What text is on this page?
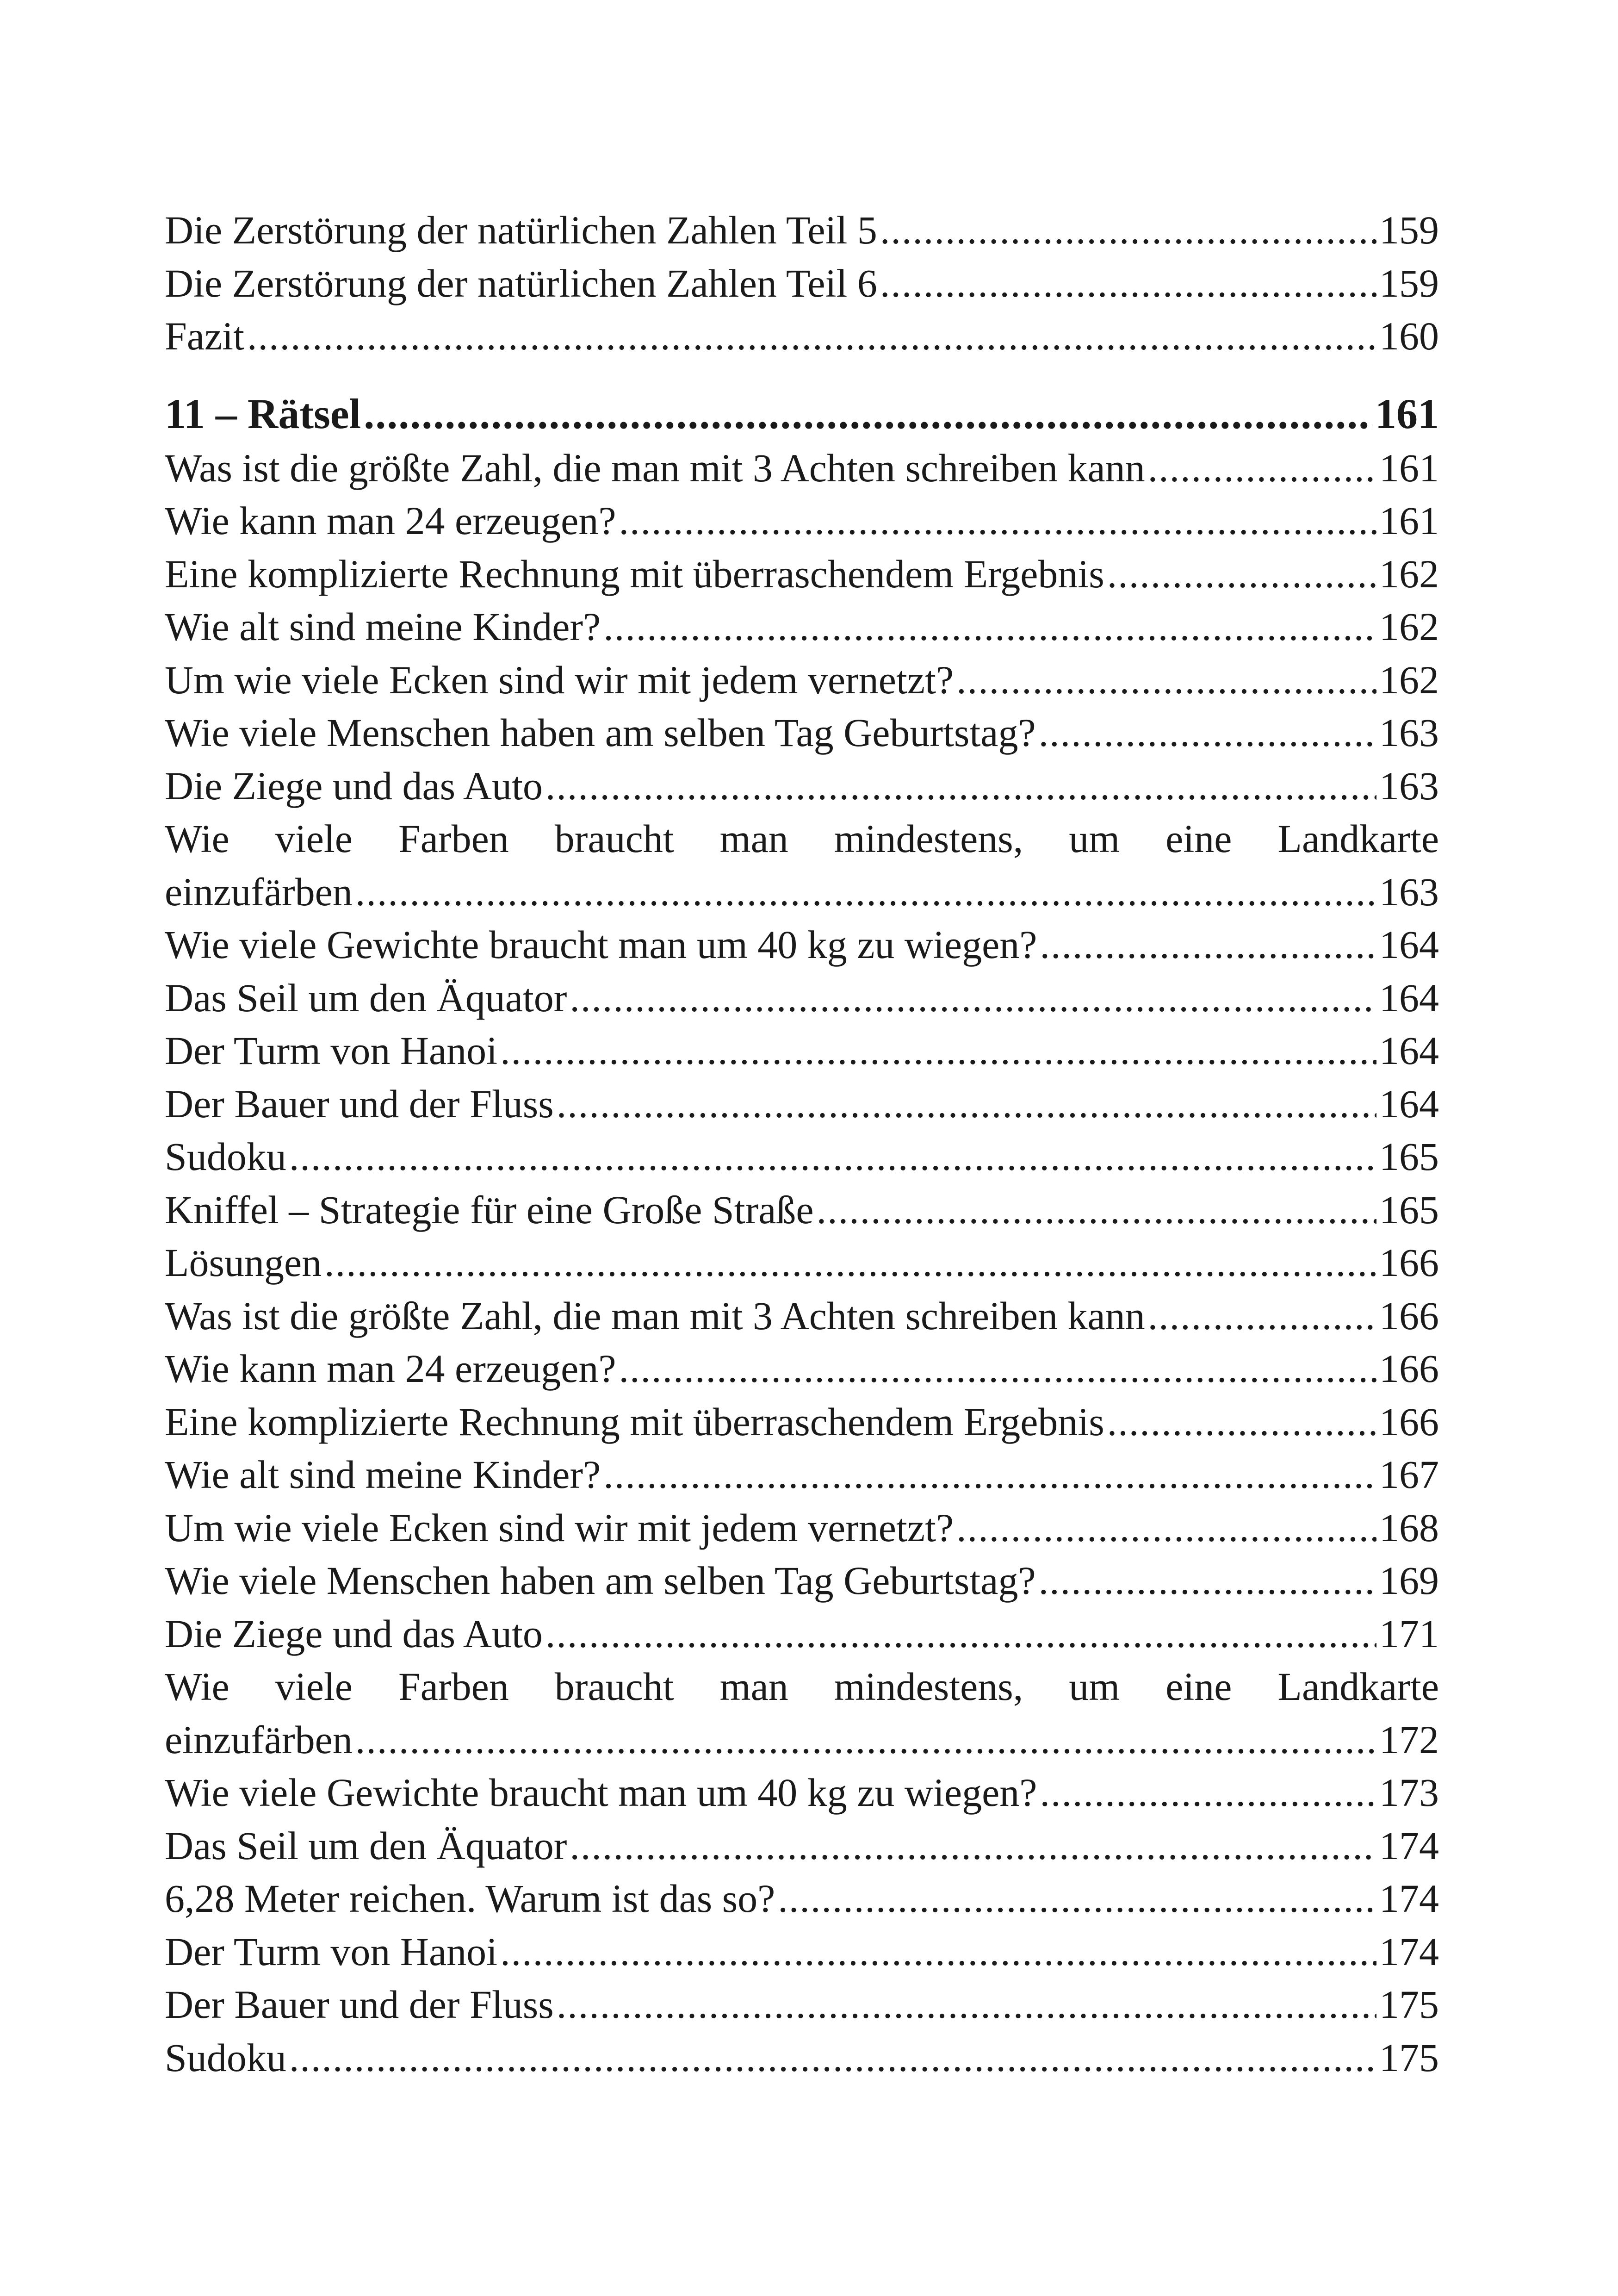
Die Zerstörung der natürlichen Zahlen Teil 5 .....	159
Die Zerstörung der natürlichen Zahlen Teil 6 .....	159
Fazit .....	160
11 – Rätsel .....	161
Was ist die größte Zahl, die man mit 3 Achten schreiben kann .....	161
Wie kann man 24 erzeugen? .....	161
Eine komplizierte Rechnung mit überraschendem Ergebnis .....	162
Wie alt sind meine Kinder? .....	162
Um wie viele Ecken sind wir mit jedem vernetzt? .....	162
Wie viele Menschen haben am selben Tag Geburtstag? .....	163
Die Ziege und das Auto .....	163
Wie viele Farben braucht man mindestens, um eine Landkarte
einzufärben .....	163
Wie viele Gewichte braucht man um 40 kg zu wiegen? .....	164
Das Seil um den Äquator .....	164
Der Turm von Hanoi .....	164
Der Bauer und der Fluss .....	164
Sudoku .....	165
Kniffel – Strategie für eine Große Straße .....	165
Lösungen .....	166
Was ist die größte Zahl, die man mit 3 Achten schreiben kann .....	166
Wie kann man 24 erzeugen? .....	166
Eine komplizierte Rechnung mit überraschendem Ergebnis .....	166
Wie alt sind meine Kinder? .....	167
Um wie viele Ecken sind wir mit jedem vernetzt? .....	168
Wie viele Menschen haben am selben Tag Geburtstag? .....	169
Die Ziege und das Auto .....	171
Wie viele Farben braucht man mindestens, um eine Landkarte
einzufärben .....	172
Wie viele Gewichte braucht man um 40 kg zu wiegen? .....	173
Das Seil um den Äquator .....	174
6,28 Meter reichen. Warum ist das so? .....	174
Der Turm von Hanoi .....	174
Der Bauer und der Fluss .....	175
Sudoku .....	175
